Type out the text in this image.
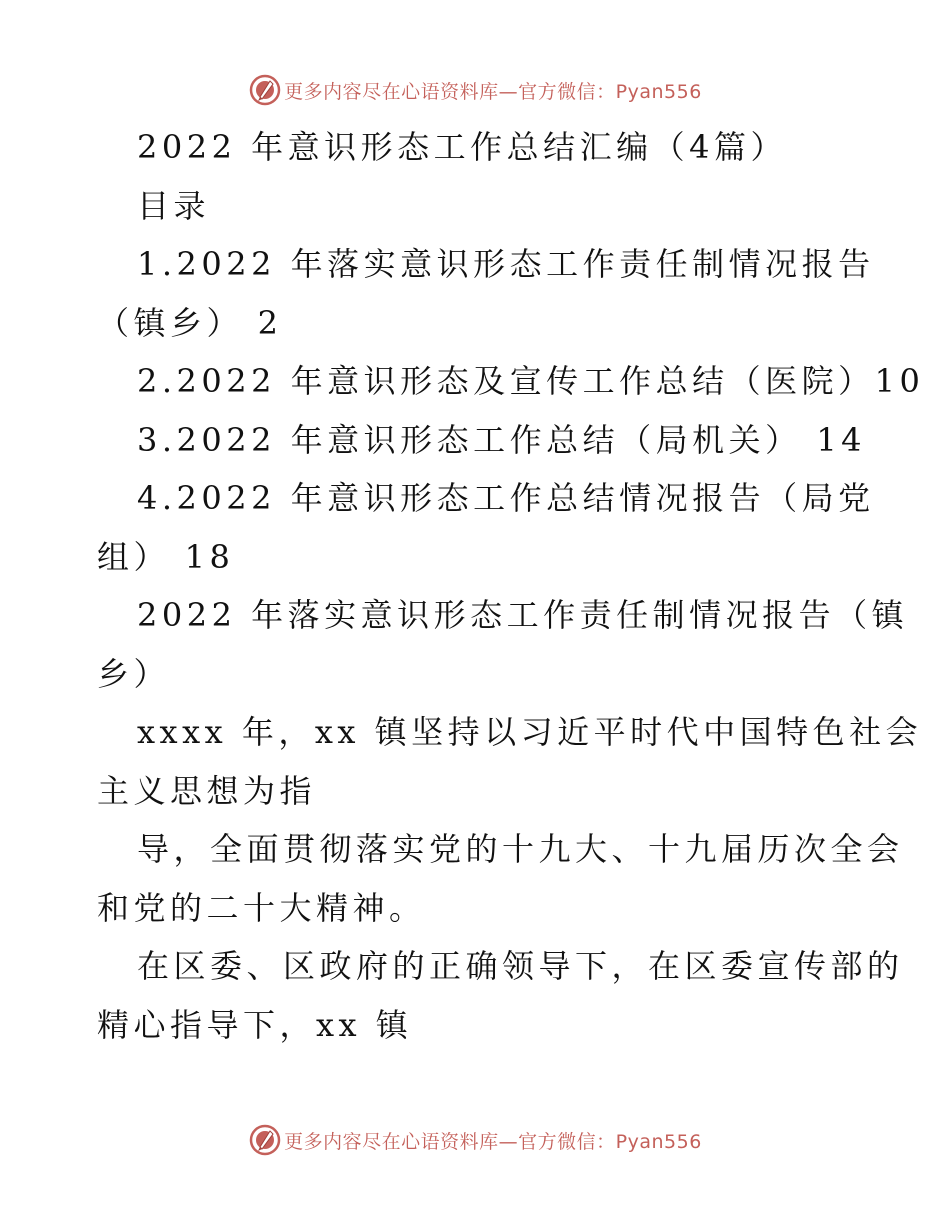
更多内容尽在心语资料库—官方微信：Pyan556
2022 年意识形态工作总结汇编（4篇）
目录
1.2022 年落实意识形态工作责任制情况报告
（镇乡） 2
2.2022 年意识形态及宣传工作总结（医院）10
3.2022 年意识形态工作总结（局机关） 14
4.2022 年意识形态工作总结情况报告（局党
组） 18
2022 年落实意识形态工作责任制情况报告（镇
乡）
xxxx 年，xx 镇坚持以习近平时代中国特色社会
主义思想为指
导，全面贯彻落实党的十九大、十九届历次全会
和党的二十大精神。
在区委、区政府的正确领导下，在区委宣传部的
精心指导下，xx 镇
更多内容尽在心语资料库—官方微信：Pyan556
